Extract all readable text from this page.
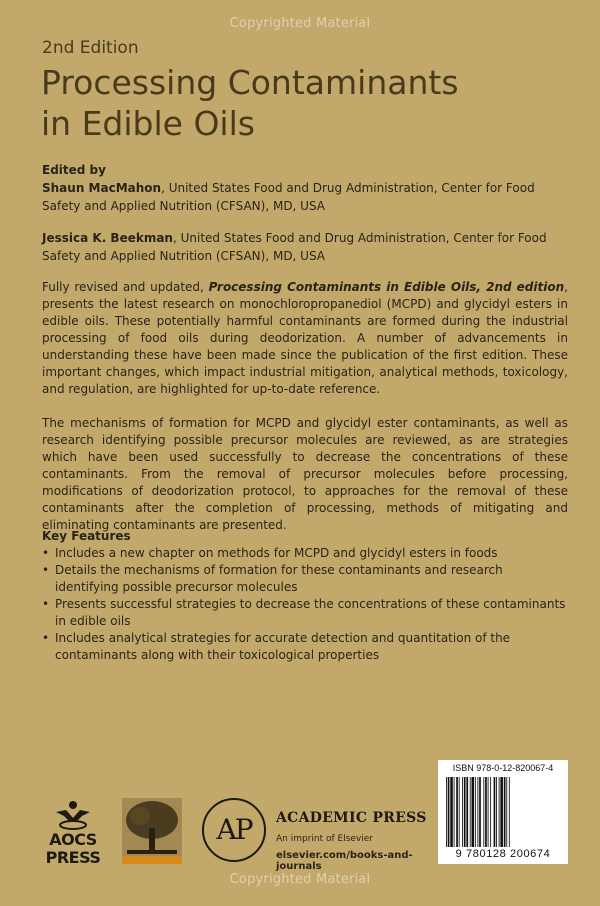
Copyrighted Material
2nd Edition
Processing Contaminants
in Edible Oils
Edited by
Shaun MacMahon, United States Food and Drug Administration, Center for Food Safety and Applied Nutrition (CFSAN), MD, USA
Jessica K. Beekman, United States Food and Drug Administration, Center for Food Safety and Applied Nutrition (CFSAN), MD, USA
Fully revised and updated, Processing Contaminants in Edible Oils, 2nd edition, presents the latest research on monochloropropanediol (MCPD) and glycidyl esters in edible oils. These potentially harmful contaminants are formed during the industrial processing of food oils during deodorization. A number of advancements in understanding these have been made since the publication of the first edition. These important changes, which impact industrial mitigation, analytical methods, toxicology, and regulation, are highlighted for up-to-date reference.
The mechanisms of formation for MCPD and glycidyl ester contaminants, as well as research identifying possible precursor molecules are reviewed, as are strategies which have been used successfully to decrease the concentrations of these contaminants. From the removal of precursor molecules before processing, modifications of deodorization protocol, to approaches for the removal of these contaminants after the completion of processing, methods of mitigating and eliminating contaminants are presented.
Key Features
• Includes a new chapter on methods for MCPD and glycidyl esters in foods
• Details the mechanisms of formation for these contaminants and research identifying possible precursor molecules
• Presents successful strategies to decrease the concentrations of these contaminants in edible oils
• Includes analytical strategies for accurate detection and quantitation of the contaminants along with their toxicological properties
AOCS
PRESS
AP	ACADEMIC PRESS
An imprint of Elsevier
elsevier.com/books-and-journals
ISBN 978-0-12-820067-4
9 780128 200674
Copyrighted Material
